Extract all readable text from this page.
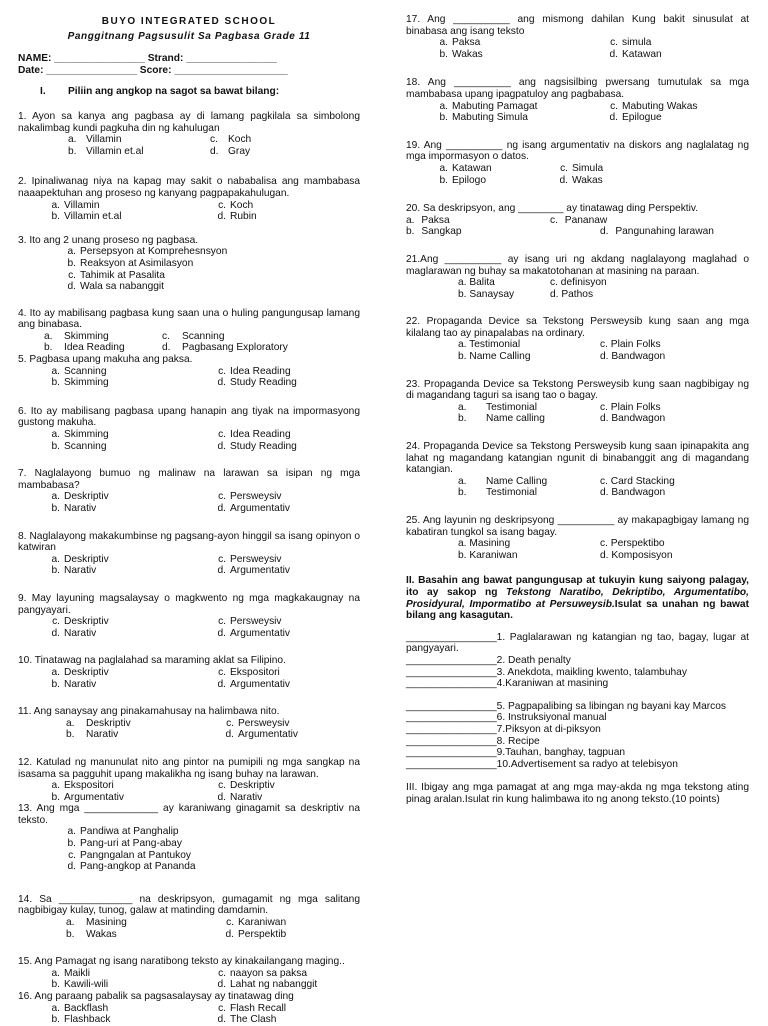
BUYO INTEGRATED SCHOOL
Panggitnang Pagsusulit Sa Pagbasa Grade 11
NAME: ________________ Strand: ________________
Date: ________________ Score: ____________________
I. Piliin ang angkop na sagot sa bawat bilang:
1. Ayon sa kanya ang pagbasa ay di lamang pagkilala sa simbolong nakalimbag kundi pagkuha din ng kahulugan
a. Villamin	c. Koch
b. Villamin et.al	d. Gray
2. Ipinaliwanag niya na kapag may sakit o nababalisa ang mambabasa naaapektuhan ang proseso ng kanyang pagpapakahulugan.
a. Villamin	c. Koch
b. Villamin et.al	d. Rubin
3. Ito ang 2 unang proseso ng pagbasa.
a. Persepsyon at Komprehesnsyon
b. Reaksyon at Asimilasyon
c. Tahimik at Pasalita
d. Wala sa nabanggit
4. Ito ay mabilisang pagbasa kung saan una o huling pangungusap lamang ang binabasa.
a. Skimming	c. Scanning
b. Idea Reading	d. Pagbasang Exploratory
5. Pagbasa upang makuha ang paksa.
a. Scanning	c. Idea Reading
b. Skimming	d. Study Reading
6. Ito ay mabilisang pagbasa upang hanapin ang tiyak na impormasyong gustong makuha.
a. Skimming	c. Idea Reading
b. Scanning	d. Study Reading
7. Naglalayong bumuo ng malinaw na larawan sa isipan ng mga mambabasa?
a. Deskriptiv	c. Persweysiv
b. Narativ	d. Argumentativ
8. Naglalayong makakumbinse ng pagsang-ayon hinggil sa isang opinyon o katwiran
a. Deskriptiv	c. Persweysiv
b. Narativ	d. Argumentativ
9. May layuning magsalaysay o magkwento ng mga magkakaugnay na pangyayari.
c. Deskriptiv	c. Persweysiv
d. Narativ	d. Argumentativ
10. Tinatawag na paglalahad sa maraming aklat sa Filipino.
a. Deskriptiv	c. Ekspositori
b. Narativ	d. Argumentativ
11. Ang sanaysay ang pinakamahusay na halimbawa nito.
a. Deskriptiv	c. Persweysiv
b. Narativ	d. Argumentativ
12. Katulad ng manunulat nito ang pintor na pumipili ng mga sangkap na isasama sa pagguhit upang makalikha ng isang buhay na larawan.
a. Ekspositori	c. Deskriptiv
b. Argumentativ	d. Narativ
13. Ang mga _____________ ay karaniwang ginagamit sa deskriptiv na teksto.
a. Pandiwa at Panghalip
b. Pang-uri at Pang-abay
c. Pangngalan at Pantukoy
d. Pang-angkop at Pananda
14. Sa _____________ na deskripsyon, gumagamit ng mga salitang nagbibigay kulay, tunog, galaw at matinding damdamin.
a. Masining	c. Karaniwan
b. Wakas	d. Perspektib
15. Ang Pamagat ng isang naratibong teksto ay kinakailangang maging..
a. Maikli	c. naayon sa paksa
b. Kawili-wili	d. Lahat ng nabanggit
16. Ang paraang pabalik sa pagsasalaysay ay tinatawag ding
a. Backflash	c. Flash Recall
b. Flashback	d. The Clash
17. Ang __________ ang mismong dahilan Kung bakit sinusulat at binabasa ang isang teksto
a. Paksa	c. simula
b. Wakas	d. Katawan
18. Ang __________ ang nagsisilbing pwersang tumutulak sa mga mambabasa upang ipagpatuloy ang pagbabasa.
a. Mabuting Pamagat	c. Mabuting Wakas
b. Mabuting Simula	d. Epilogue
19. Ang __________ ng isang argumentativ na diskors ang naglalatag ng mga impormasyon o datos.
a. Katawan	c. Simula
b. Epilogo	d. Wakas
20. Sa deskripsyon, ang ________ ay tinatawag ding Perspektiv.
a. Paksa	c. Pananaw
b. Sangkap	d. Pangunahing larawan
21.Ang __________ ay isang uri ng akdang naglalayong maglahad o maglarawan ng buhay sa makatotohanan at masining na paraan.
a. Balita	c. definisyon
b. Sanaysay	d. Pathos
22. Propaganda Device sa Tekstong Persweysib kung saan ang mga kilalang tao ay pinapalabas na ordinary.
a. Testimonial	c. Plain Folks
b. Name Calling	d. Bandwagon
23. Propaganda Device sa Tekstong Persweysib kung saan nagbibigay ng di magandang taguri sa isang tao o bagay.
a. Testimonial	c. Plain Folks
b. Name calling	d. Bandwagon
24. Propaganda Device sa Tekstong Persweysib kung saan ipinapakita ang lahat ng magandang katangian ngunit di binabanggit ang di magandang katangian.
a. Name Calling	c. Card Stacking
b. Testimonial	d. Bandwagon
25. Ang layunin ng deskripsyong __________ ay makapagbigay lamang ng kabatiran tungkol sa isang bagay.
a. Masining	c. Perspektibo
b. Karaniwan	d. Komposisyon
II. Basahin ang bawat pangungusap at tukuyin kung saiyong palagay, ito ay sakop ng Tekstong Naratibo, Dekriptibo, Argumentatibo, Prosidyural, Impormatibo at Persuweysib.Isulat sa unahan ng bawat bilang ang kasagutan.
________________1. Paglalarawan ng katangian ng tao, bagay, lugar at pangyayari.
________________2. Death penalty
________________3. Anekdota, maikling kwento, talambuhay
________________4.Karaniwan at masining
________________5. Pagpapalibing sa libingan ng bayani kay Marcos
________________6. Instruksiyonal manual
________________7.Piksyon at di-piksyon
________________8. Recipe
________________9.Tauhan, banghay, tagpuan
________________10.Advertisement sa radyo at telebisyon
III. Ibigay ang mga pamagat at ang mga may-akda ng mga tekstong ating pinag aralan.Isulat rin kung halimbawa ito ng anong teksto.(10 points)
